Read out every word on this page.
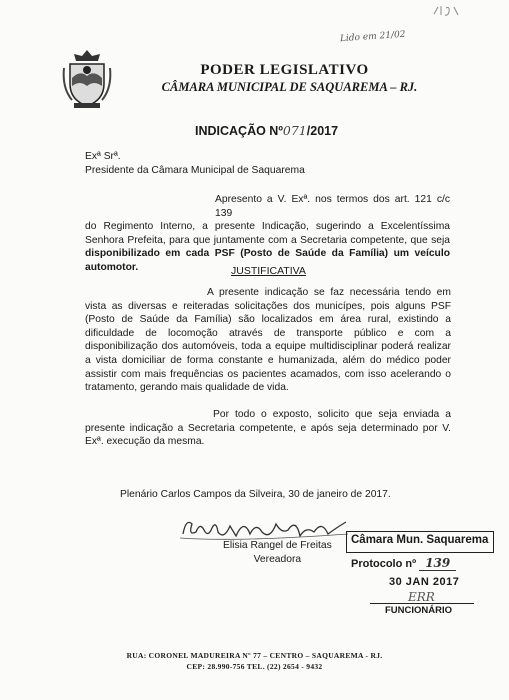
Lido em 21/02
PODER LEGISLATIVO
CÂMARA MUNICIPAL DE SAQUAREMA – RJ.
INDICAÇÃO Nº071/2017
Exª Srª.
Presidente da Câmara Municipal de Saquarema
Apresento a V. Exª. nos termos dos art. 121 c/c 139
do Regimento Interno, a presente Indicação, sugerindo a Excelentíssima Senhora Prefeita, para que juntamente com a Secretaria competente, que seja disponibilizado em cada PSF (Posto de Saúde da Família) um veículo automotor.	JUSTIFICATIVA
A presente indicação se faz necessária tendo em vista as diversas e reiteradas solicitações dos municípes, pois alguns PSF (Posto de Saúde da Família) são localizados em área rural, existindo a dificuldade de locomoção através de transporte público e com a disponibilização dos automóveis, toda a equipe multidisciplinar poderá realizar a vista domiciliar de forma constante e humanizada, além do médico poder assistir com mais frequências os pacientes acamados, com isso acelerando o tratamento, gerando mais qualidade de vida.
Por todo o exposto, solicito que seja enviada a presente indicação a Secretaria competente, e após seja determinado por V. Exª. execução da mesma.
Plenário Carlos Campos da Silveira, 30 de janeiro de 2017.
Elisia Rangel de Freitas
Vereadora
Câmara Mun. Saquarema
Protocolo nº 139
30 JAN 2017
ERR
FUNCIONÁRIO
RUA: CORONEL MADUREIRA Nº 77 – CENTRO – SAQUAREMA - RJ.
CEP: 28.990-756 TEL. (22) 2654 - 9432
